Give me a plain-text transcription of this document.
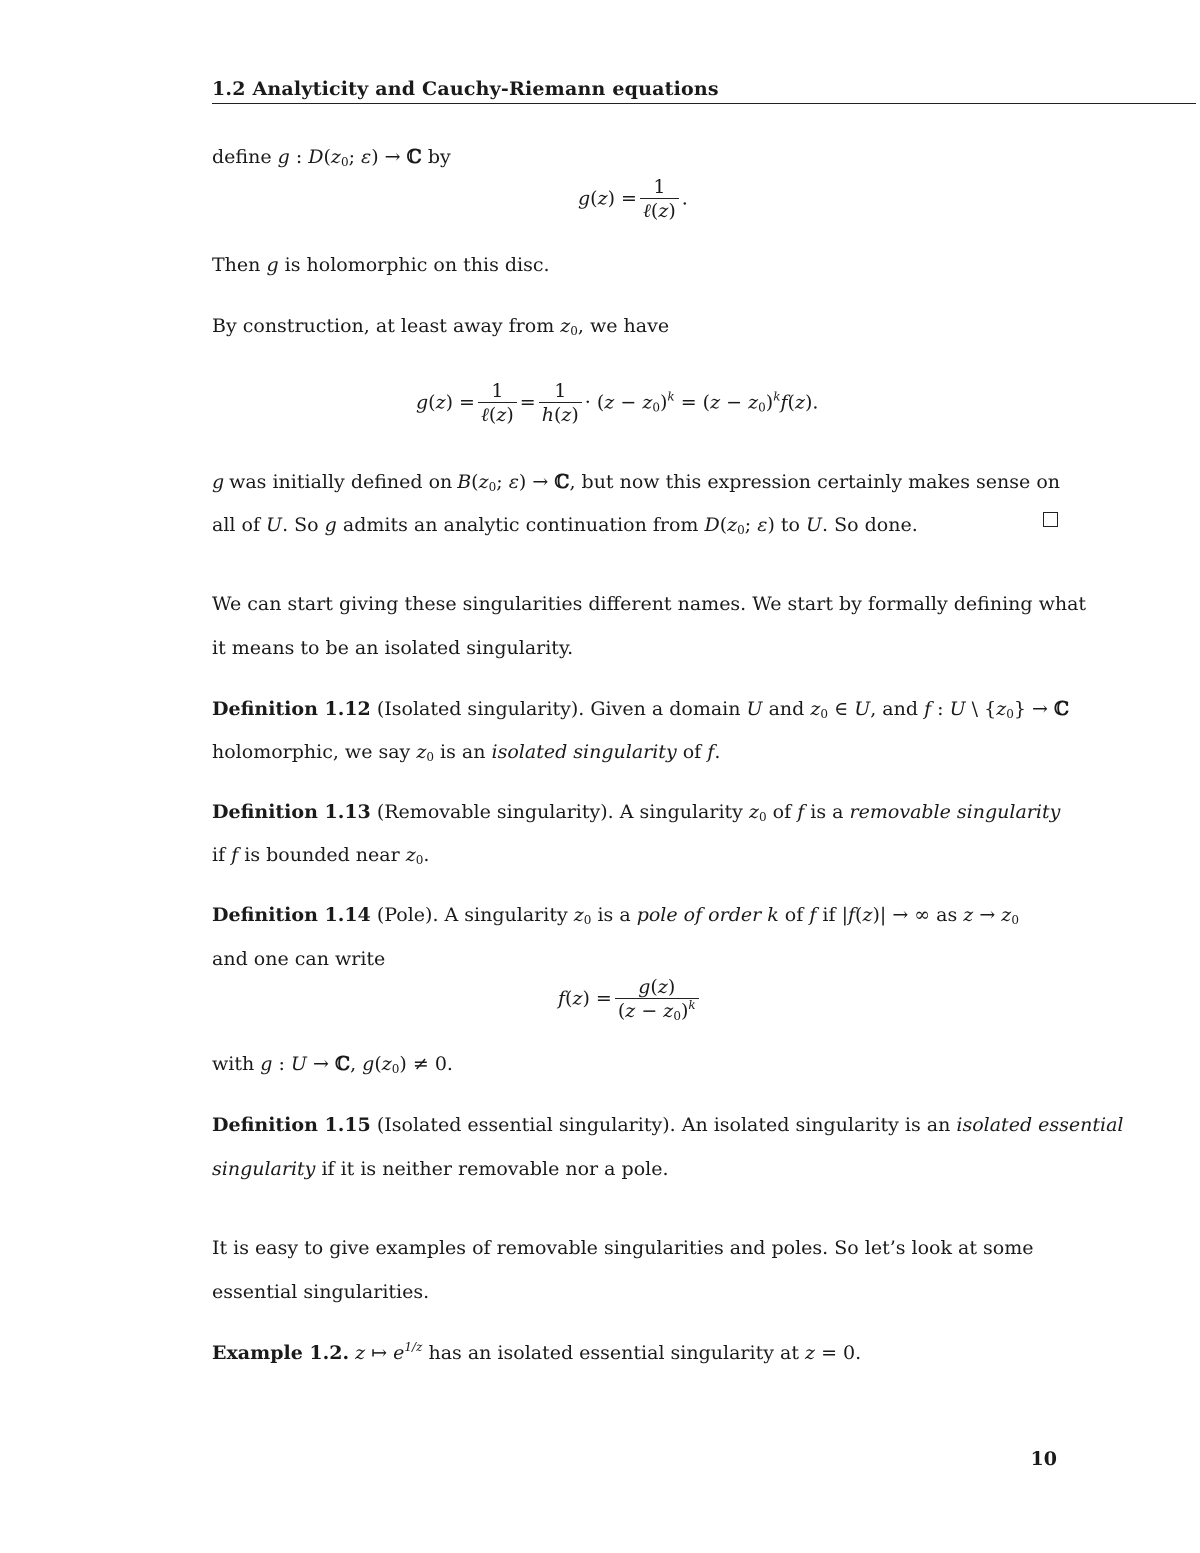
1.2 Analyticity and Cauchy-Riemann equations
define g : $D(z_0$; ε) → ℂ by
$g(z) = \frac{1}{\text{ℓ(z)}}$ .
Then g is holomorphic on this disc.
By construction, at least away from $z_0$, we have
$g(z) = \frac{1}{\text{ℓ(z)}} = \frac{1}{h(z)} \cdot (z - z_0)^k = (z - z_0)^kf(z)$.
g was initially defined on $B(z_0$; ε) → ℂ, but now this expression certainly makes sense on
all of U. So g admits an analytic continuation from $D(z_0$; ε) to U. So done.
We can start giving these singularities different names. We start by formally defining what
it means to be an isolated singularity.
Definition 1.12 (Isolated singularity). Given a domain U and $z_0$ ∈ U, and f : U \ $\{z_0\}$ → ℂ
holomorphic, we say $z_0$ is an isolated singularity of f.
Definition 1.13 (Removable singularity). A singularity $z_0$ of f is a removable singularity
if f is bounded near $z_0$.
Definition 1.14 (Pole). A singularity $z_0$ is a pole of order k of f if |f(z)| → ∞ as $z \to z_0$
and one can write
$f(z) = \frac{g(z)}{(z - z_0)^k}$
with g : U → ℂ, $g(z_0) \ne 0$.
Definition 1.15 (Isolated essential singularity). An isolated singularity is an isolated essential
singularity if it is neither removable nor a pole.
It is easy to give examples of removable singularities and poles. So let’s look at some
essential singularities.
Example 1.2. z ↦ $e^{1/z}$ has an isolated essential singularity at z = 0.
10
